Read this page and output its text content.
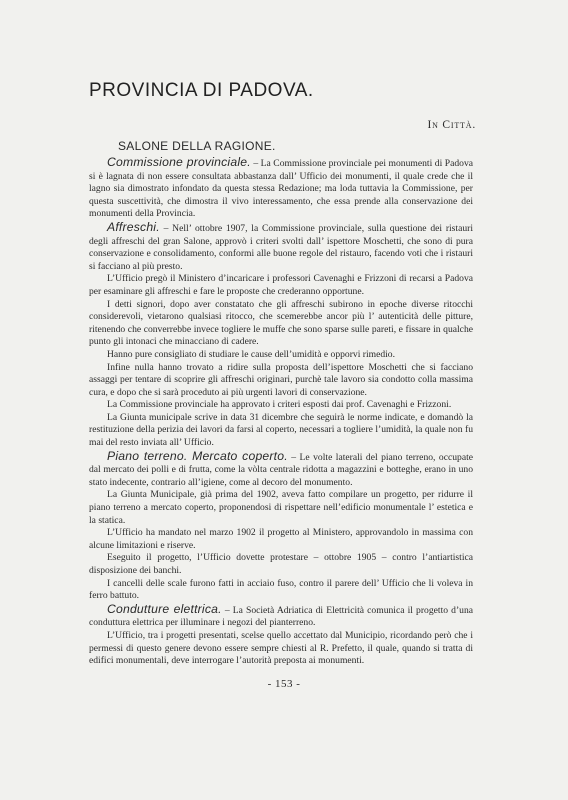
PROVINCIA DI PADOVA.
In Città.
SALONE DELLA RAGIONE.

Commissione provinciale. – La Commissione provinciale pei monumenti di Padova si è lagnata di non essere consultata abbastanza dall’ Ufficio dei monumenti, il quale crede che il lagno sia dimostrato infondato da questa stessa Redazione; ma loda tuttavia la Commissione, per questa suscettività, che dimostra il vivo interessamento, che essa prende alla conservazione dei monumenti della Provincia.

Affreschi. – Nell’ ottobre 1907, la Commissione provinciale, sulla questione dei ristauri degli affreschi del gran Salone, approvò i criteri svolti dall’ ispettore Moschetti, che sono di pura conservazione e consolidamento, conformi alle buone regole del ristauro, facendo voti che i ristauri si facciano al più presto.

L’Ufficio pregò il Ministero d’incaricare i professori Cavenaghi e Frizzoni di recarsi a Padova per esaminare gli affreschi e fare le proposte che crederanno opportune.

I detti signori, dopo aver constatato che gli affreschi subirono in epoche diverse ritocchi considerevoli, vietarono qualsiasi ritocco, che scemerebbe ancor più l’ autenticità delle pitture, ritenendo che converrebbe invece togliere le muffe che sono sparse sulle pareti, e fissare in qualche punto gli intonaci che minacciano di cadere.

Hanno pure consigliato di studiare le cause dell’umidità e opporvi rimedio.

Infine nulla hanno trovato a ridire sulla proposta dell’ispettore Moschetti che si facciano assaggi per tentare di scoprire gli affreschi originari, purchè tale lavoro sia condotto colla massima cura, e dopo che si sarà proceduto ai più urgenti lavori di conservazione.

La Commissione provinciale ha approvato i criteri esposti dai prof. Cavenaghi e Frizzoni.

La Giunta municipale scrive in data 31 dicembre che seguirà le norme indicate, e domandò la restituzione della perizia dei lavori da farsi al coperto, necessari a togliere l’umidità, la quale non fu mai del resto inviata all’ Ufficio.

Piano terreno. Mercato coperto. – Le volte laterali del piano terreno, occupate dal mercato dei polli e di frutta, come la vòlta centrale ridotta a magazzini e botteghe, erano in uno stato indecente, contrario all’igiene, come al decoro del monumento.

La Giunta Municipale, già prima del 1902, aveva fatto compilare un progetto, per ridurre il piano terreno a mercato coperto, proponendosi di rispettare nell’edificio monumentale l’ estetica e la statica.

L’Ufficio ha mandato nel marzo 1902 il progetto al Ministero, approvandolo in massima con alcune limitazioni e riserve.

Eseguito il progetto, l’Ufficio dovette protestare – ottobre 1905 – contro l’antiartistica disposizione dei banchi.

I cancelli delle scale furono fatti in acciaio fuso, contro il parere dell’ Ufficio che li voleva in ferro battuto.

Condutture elettrica. – La Società Adriatica di Elettricità comunica il progetto d’una conduttura elettrica per illuminare i negozi del pianterreno.

L’Ufficio, tra i progetti presentati, scelse quello accettato dal Municipio, ricordando però che i permessi di questo genere devono essere sempre chiesti al R. Prefetto, il quale, quando si tratta di edifici monumentali, deve interrogare l’autorità preposta ai monumenti.

- 153 -
